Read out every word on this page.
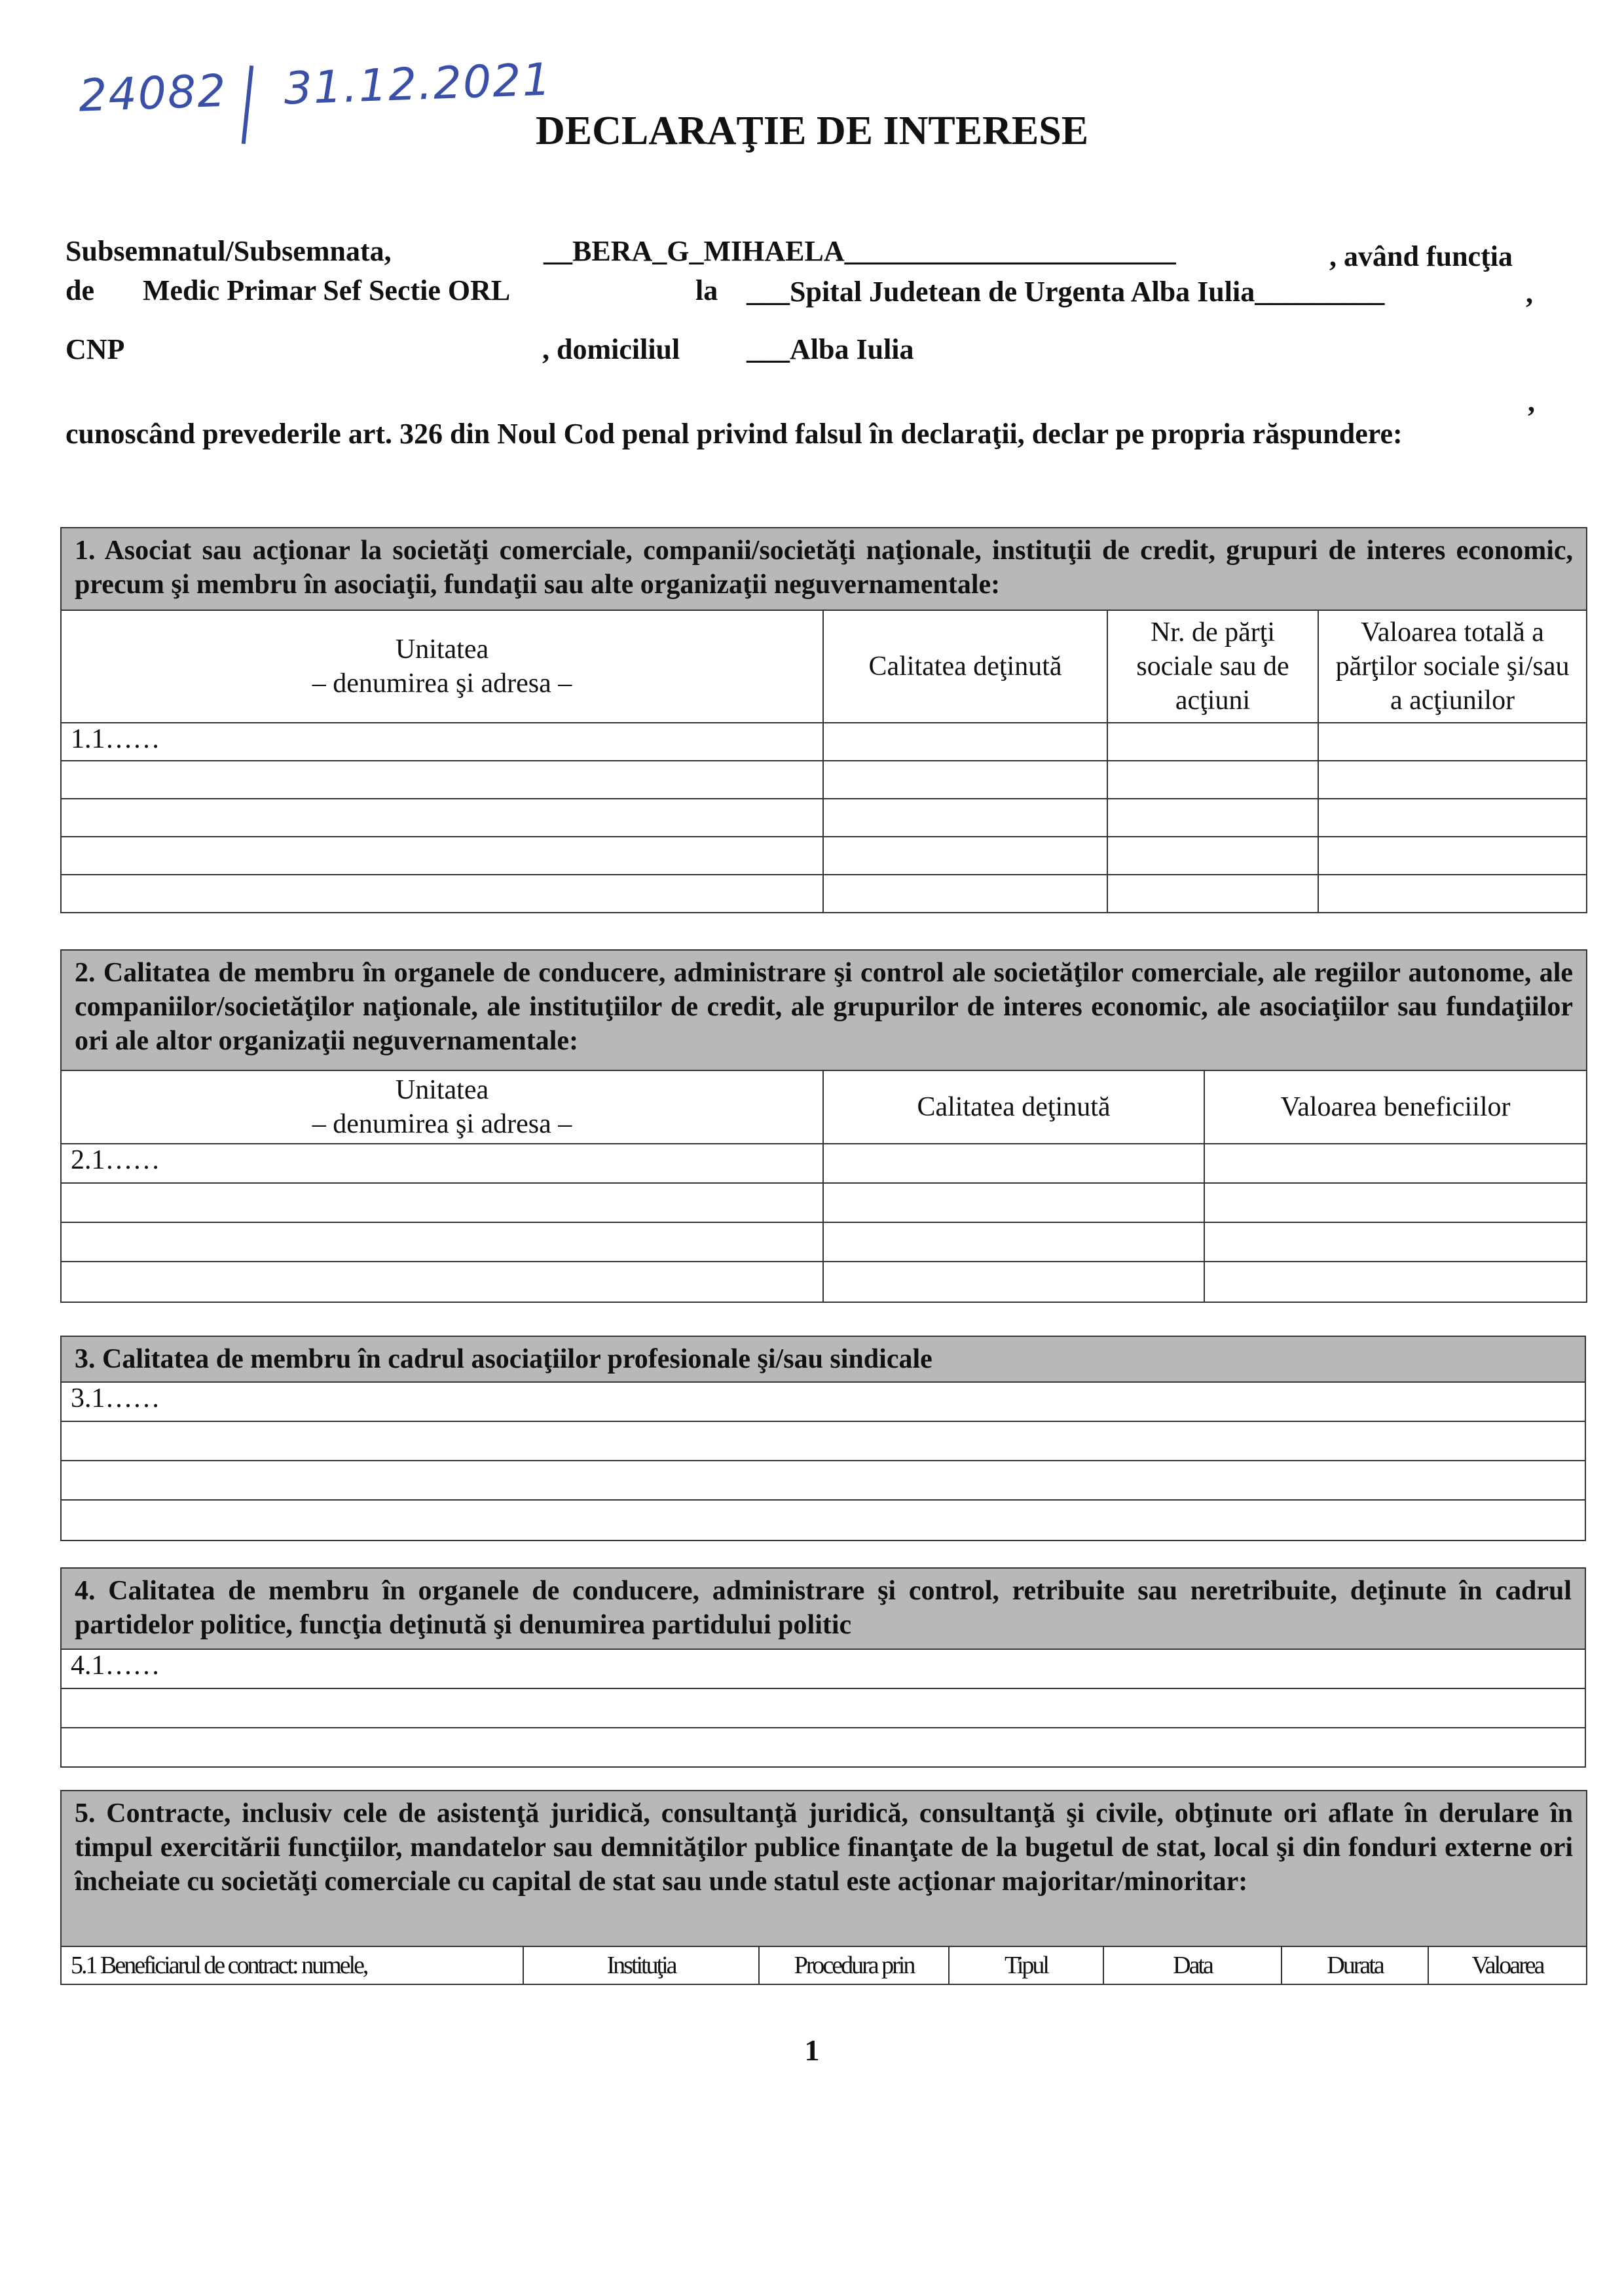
24082 31.12.2021
DECLARAŢIE DE INTERESE
Subsemnatul/Subsemnata,	__BERA_G_MIHAELA_______________________	, având funcţia
de Medic Primar Sef Sectie ORL	la ___Spital Judetean de Urgenta Alba Iulia_________	,
CNP	, domiciliul ___Alba Iulia
,
cunoscând prevederile art. 326 din Noul Cod penal privind falsul în declaraţii, declar pe propria răspundere:
1. Asociat sau acţionar la societăţi comerciale, companii/societăţi naţionale, instituţii de credit, grupuri de interes economic, precum şi membru în asociaţii, fundaţii sau alte organizaţii neguvernamentale:			
Unitatea
– denumirea şi adresa –	Calitatea deţinută	Nr. de părţi sociale sau de acţiuni	Valoarea totală a părţilor sociale şi/sau a acţiunilor
1.1……			

2. Calitatea de membru în organele de conducere, administrare şi control ale societăţilor comerciale, ale regiilor autonome, ale companiilor/societăţilor naţionale, ale instituţiilor de credit, ale grupurilor de interes economic, ale asociaţiilor sau fundaţiilor ori ale altor organizaţii neguvernamentale:		
Unitatea
– denumirea şi adresa –	Calitatea deţinută	Valoarea beneficiilor
2.1……		

3. Calitatea de membru în cadrul asociaţiilor profesionale şi/sau sindicale
3.1……

4. Calitatea de membru în organele de conducere, administrare şi control, retribuite sau neretribuite, deţinute în cadrul partidelor politice, funcţia deţinută şi denumirea partidului politic
4.1……

5. Contracte, inclusiv cele de asistenţă juridică, consultanţă juridică, consultanţă şi civile, obţinute ori aflate în derulare în timpul exercitării funcţiilor, mandatelor sau demnităţilor publice finanţate de la bugetul de stat, local şi din fonduri externe ori încheiate cu societăţi comerciale cu capital de stat sau unde statul este acţionar majoritar/minoritar:
5.1 Beneficiarul de contract: numele,	Instituţia	Procedura prin	Tipul	Data	Durata	Valoarea
1
